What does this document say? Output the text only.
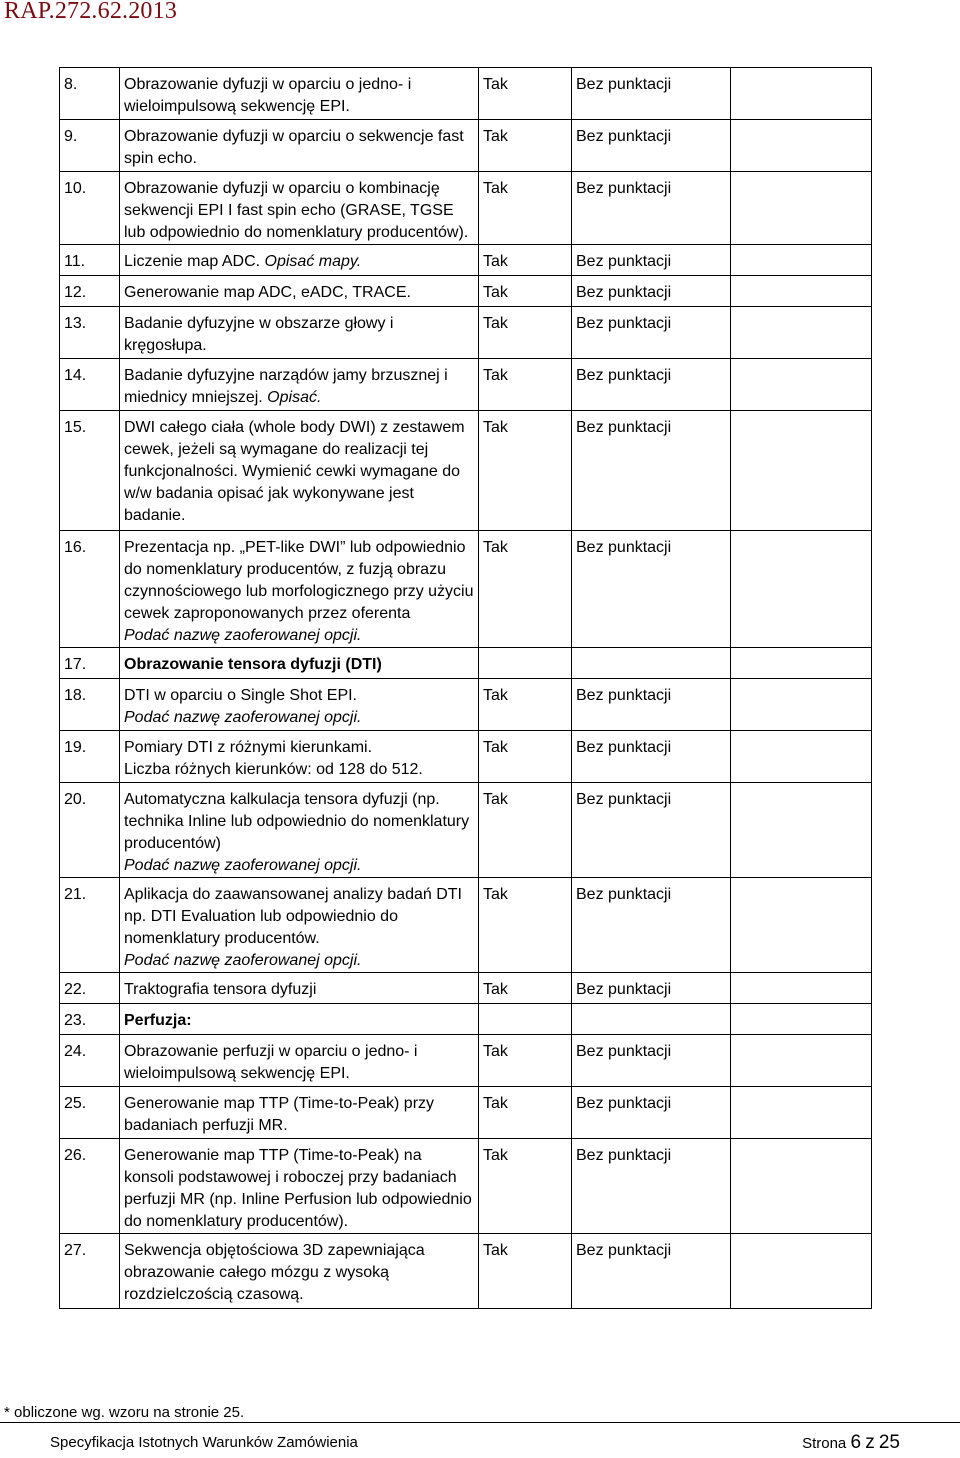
RAP.272.62.2013
8.	Obrazowanie dyfuzji w oparciu o jedno- i
wieloimpulsową sekwencję EPI.	Tak	Bez punktacji	
9.	Obrazowanie dyfuzji w oparciu o sekwencje fast
spin echo.	Tak	Bez punktacji	
10.	Obrazowanie dyfuzji w oparciu o kombinację
sekwencji EPI I fast spin echo (GRASE, TGSE
lub odpowiednio do nomenklatury producentów).	Tak	Bez punktacji	
11.	Liczenie map ADC. Opisać mapy.	Tak	Bez punktacji	
12.	Generowanie map ADC, eADC, TRACE.	Tak	Bez punktacji	
13.	Badanie dyfuzyjne w obszarze głowy i
kręgosłupa.	Tak	Bez punktacji	
14.	Badanie dyfuzyjne narządów jamy brzusznej i
miednicy mniejszej. Opisać.	Tak	Bez punktacji	
15.	DWI całego ciała (whole body DWI) z zestawem
cewek, jeżeli są wymagane do realizacji tej
funkcjonalności. Wymienić cewki wymagane do
w/w badania opisać jak wykonywane jest
badanie.	Tak	Bez punktacji	
16.	Prezentacja np. „PET-like DWI” lub odpowiednio
do nomenklatury producentów, z fuzją obrazu
czynnościowego lub morfologicznego przy użyciu
cewek zaproponowanych przez oferenta
Podać nazwę zaoferowanej opcji.	Tak	Bez punktacji	
17.	Obrazowanie tensora dyfuzji (DTI)			
18.	DTI w oparciu o Single Shot EPI.
Podać nazwę zaoferowanej opcji.	Tak	Bez punktacji	
19.	Pomiary DTI z różnymi kierunkami.
Liczba różnych kierunków: od 128 do 512.	Tak	Bez punktacji	
20.	Automatyczna kalkulacja tensora dyfuzji (np.
technika Inline lub odpowiednio do nomenklatury
producentów)
Podać nazwę zaoferowanej opcji.	Tak	Bez punktacji	
21.	Aplikacja do zaawansowanej analizy badań DTI
np. DTI Evaluation lub odpowiednio do
nomenklatury producentów.
Podać nazwę zaoferowanej opcji.	Tak	Bez punktacji	
22.	Traktografia tensora dyfuzji	Tak	Bez punktacji	
23.	Perfuzja:			
24.	Obrazowanie perfuzji w oparciu o jedno- i
wieloimpulsową sekwencję EPI.	Tak	Bez punktacji	
25.	Generowanie map TTP (Time-to-Peak) przy
badaniach perfuzji MR.	Tak	Bez punktacji	
26.	Generowanie map TTP (Time-to-Peak) na
konsoli podstawowej i roboczej przy badaniach
perfuzji MR (np. Inline Perfusion lub odpowiednio
do nomenklatury producentów).	Tak	Bez punktacji	
27.	Sekwencja objętościowa 3D zapewniająca
obrazowanie całego mózgu z wysoką
rozdzielczością czasową.	Tak	Bez punktacji	
* obliczone wg. wzoru na stronie 25.
Specyfikacja Istotnych Warunków Zamówienia	Strona 6 z 25
